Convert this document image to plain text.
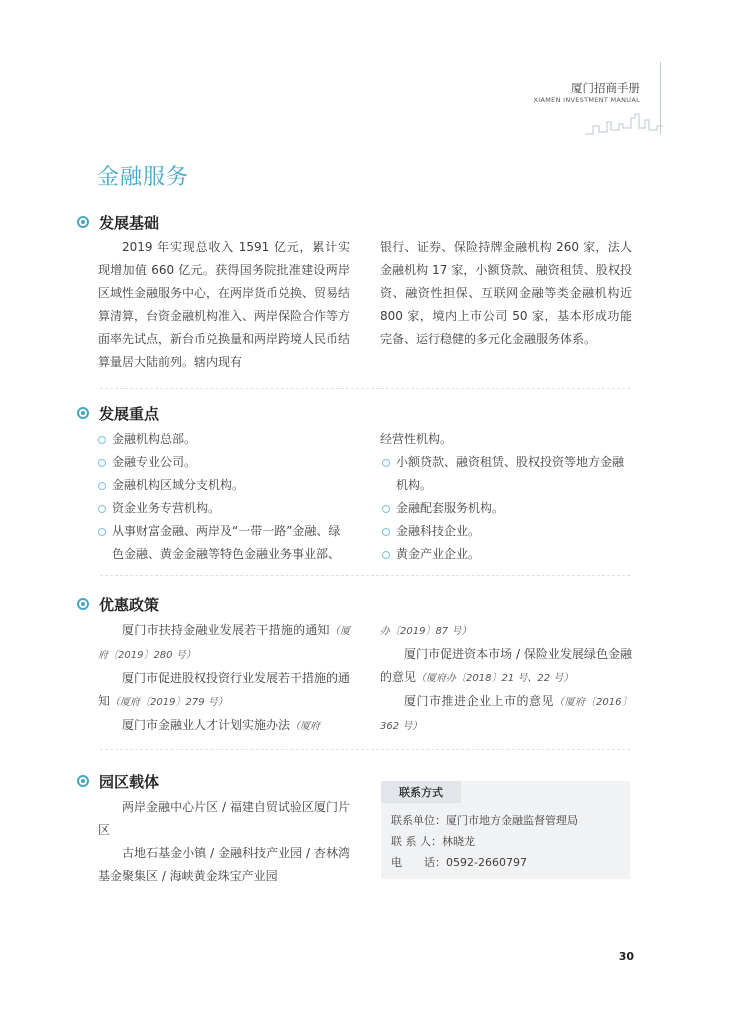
厦门招商手册
XIAMEN INVESTMENT MANUAL
金融服务
发展基础

2019 年实现总收入 1591 亿元，累计实现增加值 660 亿元。获得国务院批准建设两岸区域性金融服务中心，在两岸货币兑换、贸易结算清算，台资金融机构准入、两岸保险合作等方面率先试点，新台币兑换量和两岸跨境人民币结算量居大陆前列。辖内现有

银行、证券、保险持牌金融机构 260 家，法人金融机构 17 家，小额贷款、融资租赁、股权投资、融资性担保、互联网金融等类金融机构近 800 家，境内上市公司 50 家，基本形成功能完备、运行稳健的多元化金融服务体系。

发展重点
金融机构总部。
金融专业公司。
金融机构区域分支机构。
资金业务专营机构。
从事财富金融、两岸及“一带一路”金融、绿色金融、黄金金融等特色金融业务事业部、

经营性机构。

小额贷款、融资租赁、股权投资等地方金融机构。
金融配套服务机构。
金融科技企业。
黄金产业企业。
优惠政策

厦门市扶持金融业发展若干措施的通知（厦府〔2019〕280 号）

厦门市促进股权投资行业发展若干措施的通知（厦府〔2019〕279 号）

厦门市金融业人才计划实施办法（厦府

办〔2019〕87 号）

厦门市促进资本市场 / 保险业发展绿色金融的意见（厦府办〔2018〕21 号、22 号）

厦门市推进企业上市的意见（厦府〔2016〕362 号）

园区载体

两岸金融中心片区 / 福建自贸试验区厦门片区

古地石基金小镇 / 金融科技产业园 / 杏林湾基金聚集区 / 海峡黄金珠宝产业园

联系方式
联系单位：厦门市地方金融监督管理局
联 系 人：林晓龙
电　　话：0592-2660797
30
